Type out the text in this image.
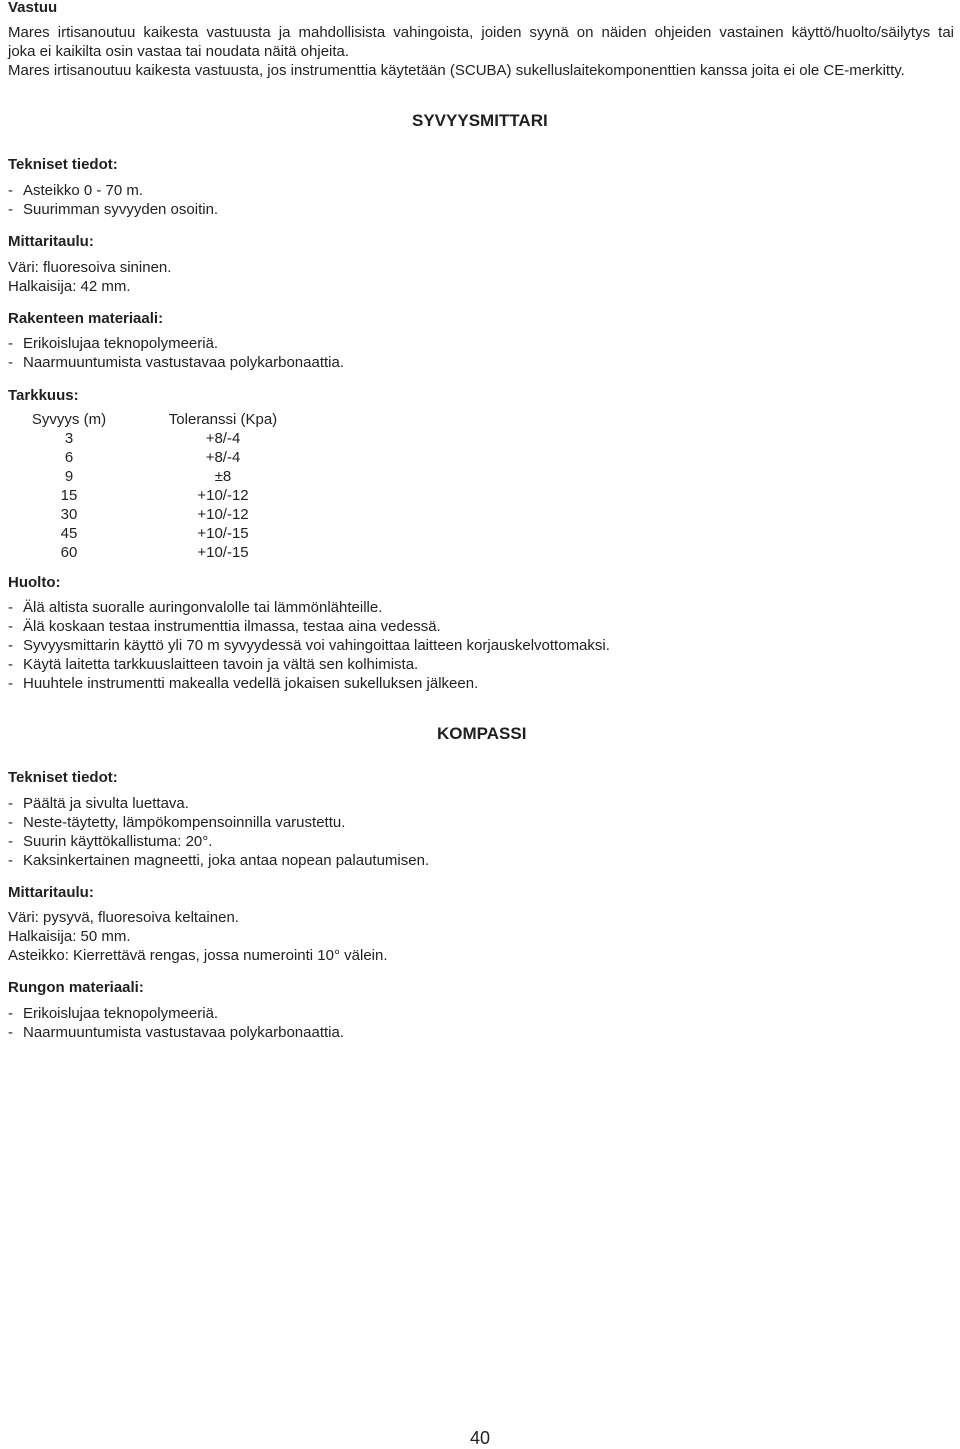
Vastuu
Mares irtisanoutuu kaikesta vastuusta ja mahdollisista vahingoista, joiden syynä on näiden ohjeiden vastainen käyttö/huolto/säilytys tai
joka ei kaikilta osin vastaa tai noudata näitä ohjeita.
Mares irtisanoutuu kaikesta vastuusta, jos instrumenttia käytetään (SCUBA) sukelluslaitekomponenttien kanssa joita ei ole CE-merkitty.
SYVYYSMITTARI
Tekniset tiedot:
- Asteikko 0 - 70 m.
- Suurimman syvyyden osoitin.
Mittaritaulu:
Väri: fluoresoiva sininen.
Halkaisija: 42 mm.
Rakenteen materiaali:
- Erikoislujaa teknopolymeeriä.
- Naarmuuntumista vastustavaa polykarbonaattia.
Tarkkuus:
Syvyys (m)	Toleranssi (Kpa)
3	+8/-4
6	+8/-4
9	±8
15	+10/-12
30	+10/-12
45	+10/-15
60	+10/-15
Huolto:
- Älä altista suoralle auringonvalolle tai lämmönlähteille.
- Älä koskaan testaa instrumenttia ilmassa, testaa aina vedessä.
- Syvyysmittarin käyttö yli 70 m syvyydessä voi vahingoittaa laitteen korjauskelvottomaksi.
- Käytä laitetta tarkkuuslaitteen tavoin ja vältä sen kolhimista.
- Huuhtele instrumentti makealla vedellä jokaisen sukelluksen jälkeen.
KOMPASSI
Tekniset tiedot:
- Päältä ja sivulta luettava.
- Neste-täytetty, lämpökompensoinnilla varustettu.
- Suurin käyttökallistuma: 20°.
- Kaksinkertainen magneetti, joka antaa nopean palautumisen.
Mittaritaulu:
Väri: pysyvä, fluoresoiva keltainen.
Halkaisija: 50 mm.
Asteikko: Kierrettävä rengas, jossa numerointi 10° välein.
Rungon materiaali:
- Erikoislujaa teknopolymeeriä.
- Naarmuuntumista vastustavaa polykarbonaattia.
40
